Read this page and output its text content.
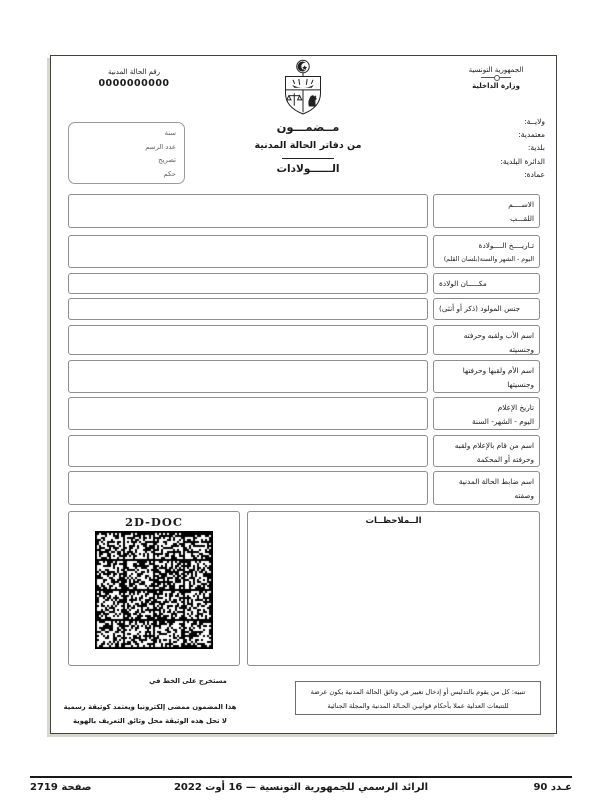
رقم الحالة المدنية
0000000000
الجمهورية التونسية
وزارة الداخلية
ولايــة:
معتمدية:
بلدية:
الدائرة البلدية:
عمادة:
سنة
عدد الرسم
تصريح
حكم
مــضمـــون
من دفاتر الحالة المدنية
الــــــولادات
الاســــم
اللقـــب
تـاريــــخ الــــولادة
اليوم - الشهر والسنة(بلسان القلم)
مكـــــان الولادة
جنس المولود (ذكر أو أنثى)
اسم الأب ولقبه وحرفته
وجنسيته
اسم الأم ولقبها وحرفتها
وجنسيتها
تاريخ الإعلام
اليوم - الشهر- السنة
اسم من قام بالإعلام ولقبه
وحرفته أو المحكمة
اسم ضابط الحالة المدنية
وصفته
2D-DOC	الــملاحظــات
مستخرج على الخط في
هذا المضمون ممضى إلكترونيا ويعتمد كوثيقة رسمية
لا تحل هذه الوثيقة محل وثائق التعريف بالهوية
تنبيه: كل من يقوم بالتدليس أو إدخال تغيير في وثائق الحالة المدنية يكون عرضة
للتتبعات العدلية عملا بأحكام قوانيـن الحـالة المدنية والمجلة الجنائية
عـدد 90
الرائد الرسمي للجمهورية التونسية — 16 أوت 2022
صفحة 2719
